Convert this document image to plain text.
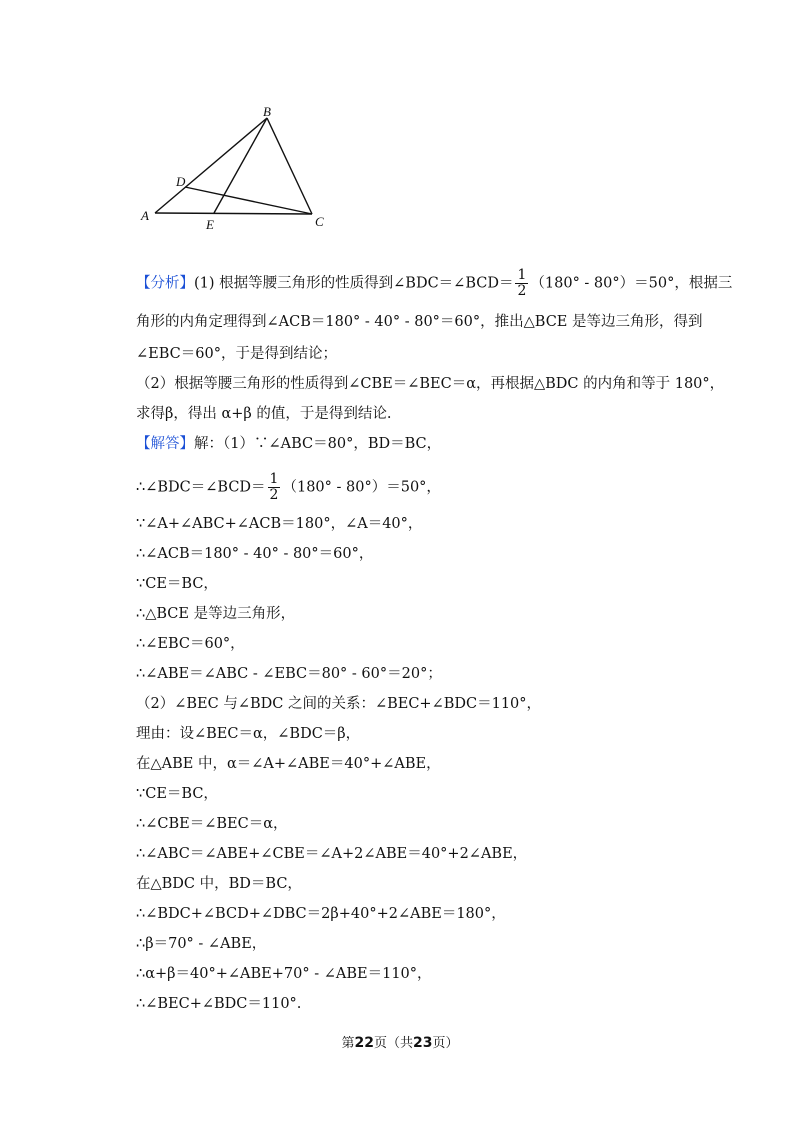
B
D
A
E	C
【分析】(1) 根据等腰三角形的性质得到∠BDC＝∠BCD＝ $\frac{1}{2} (180^\circ - 80^\circ)=50^\circ$，根据三
角形的内角定理得到∠ACB＝180° - 40° - 80°＝60°，推出△BCE 是等边三角形，得到
∠EBC＝60°，于是得到结论；
（2）根据等腰三角形的性质得到∠CBE＝∠BEC＝α，再根据△BDC 的内角和等于 180°，
求得β，得出 α+β 的值，于是得到结论.
【解答】解：（1）∵∠ABC＝80°，BD＝BC，
∴∠BDC＝∠BCD＝ $\frac{1}{2} (180^\circ - 80^\circ)=50^\circ$，
∵∠A+∠ABC+∠ACB＝180°，∠A＝40°，
∴∠ACB＝180° - 40° - 80°＝60°，
∵CE＝BC，
∴△BCE 是等边三角形，
∴∠EBC＝60°，
∴∠ABE＝∠ABC - ∠EBC＝80° - 60°＝20°；
（2）∠BEC 与∠BDC 之间的关系：∠BEC+∠BDC＝110°，
理由：设∠BEC＝α，∠BDC＝β，
在△ABE 中，α＝∠A+∠ABE＝40°+∠ABE，
∵CE＝BC，
∴∠CBE＝∠BEC＝α，
∴∠ABC＝∠ABE+∠CBE＝∠A+2∠ABE＝40°+2∠ABE，
在△BDC 中，BD＝BC，
∴∠BDC+∠BCD+∠DBC＝2β+40°+2∠ABE＝180°，
∴β＝70° - ∠ABE，
∴α+β＝40°+∠ABE+70° - ∠ABE＝110°，
∴∠BEC+∠BDC＝110°.
第22页（共23页）
